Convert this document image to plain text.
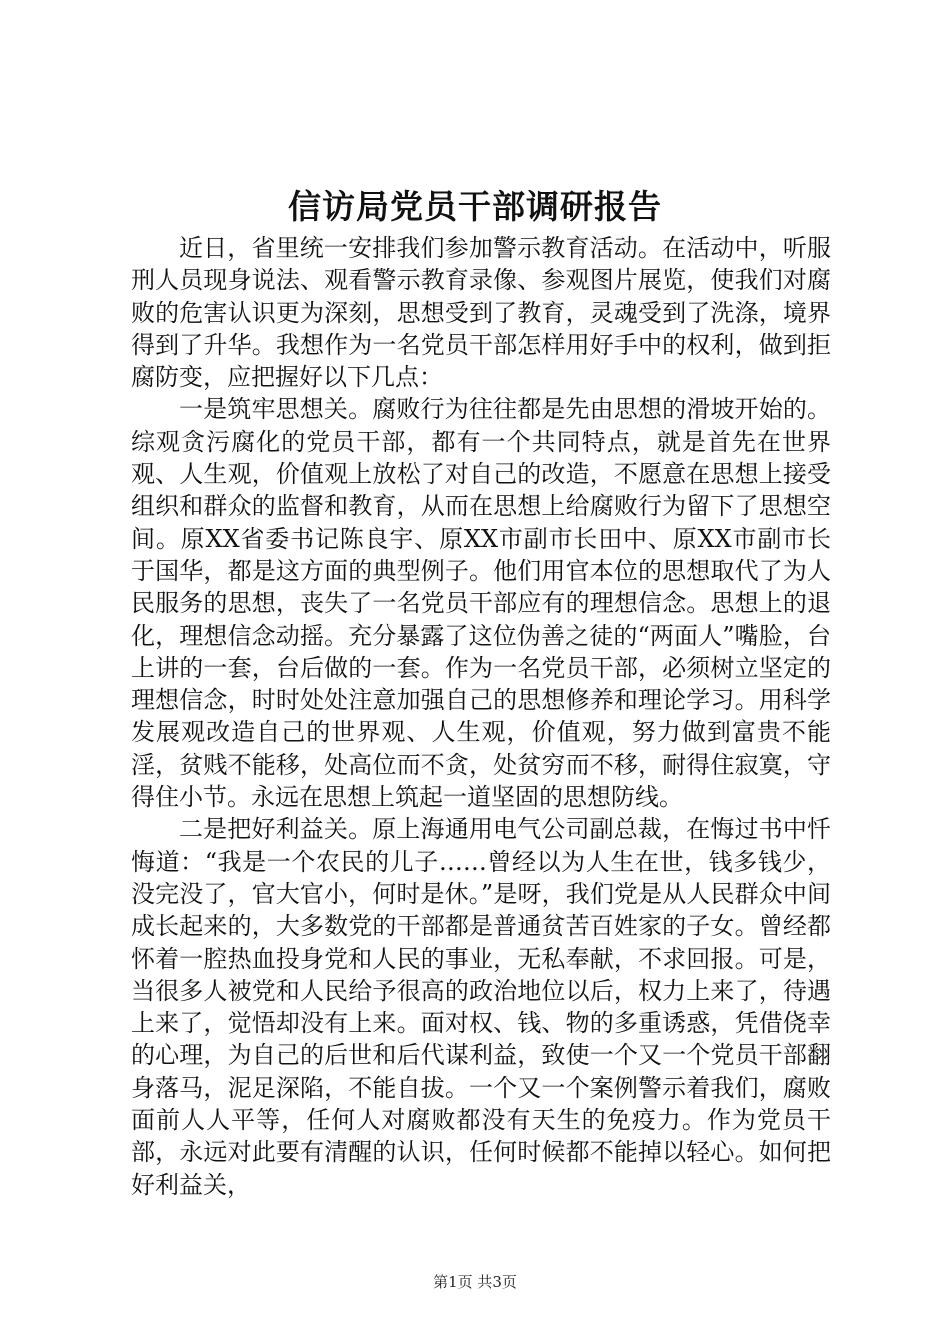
信访局党员干部调研报告

近日，省里统一安排我们参加警示教育活动。在活动中，听服刑人员现身说法、观看警示教育录像、参观图片展览，使我们对腐败的危害认识更为深刻，思想受到了教育，灵魂受到了洗涤，境界得到了升华。我想作为一名党员干部怎样用好手中的权利，做到拒腐防变，应把握好以下几点：

一是筑牢思想关。腐败行为往往都是先由思想的滑坡开始的。综观贪污腐化的党员干部，都有一个共同特点，就是首先在世界观、人生观，价值观上放松了对自己的改造，不愿意在思想上接受组织和群众的监督和教育，从而在思想上给腐败行为留下了思想空间。原XX省委书记陈良宇、原XX市副市长田中、原XX市副市长于国华，都是这方面的典型例子。他们用官本位的思想取代了为人民服务的思想，丧失了一名党员干部应有的理想信念。思想上的退化，理想信念动摇。充分暴露了这位伪善之徒的“两面人”嘴脸，台上讲的一套，台后做的一套。作为一名党员干部，必须树立坚定的理想信念，时时处处注意加强自己的思想修养和理论学习。用科学发展观改造自己的世界观、人生观，价值观，努力做到富贵不能淫，贫贱不能移，处高位而不贪，处贫穷而不移，耐得住寂寞，守得住小节。永远在思想上筑起一道坚固的思想防线。

二是把好利益关。原上海通用电气公司副总裁，在悔过书中忏悔道：“我是一个农民的儿子……曾经以为人生在世，钱多钱少，没完没了，官大官小，何时是休。”是呀，我们党是从人民群众中间成长起来的，大多数党的干部都是普通贫苦百姓家的子女。曾经都怀着一腔热血投身党和人民的事业，无私奉献，不求回报。可是，当很多人被党和人民给予很高的政治地位以后，权力上来了，待遇上来了，觉悟却没有上来。面对权、钱、物的多重诱惑，凭借侥幸的心理，为自己的后世和后代谋利益，致使一个又一个党员干部翻身落马，泥足深陷，不能自拔。一个又一个案例警示着我们，腐败面前人人平等，任何人对腐败都没有天生的免疫力。作为党员干部，永远对此要有清醒的认识，任何时候都不能掉以轻心。如何把好利益关，

第1页 共3页
